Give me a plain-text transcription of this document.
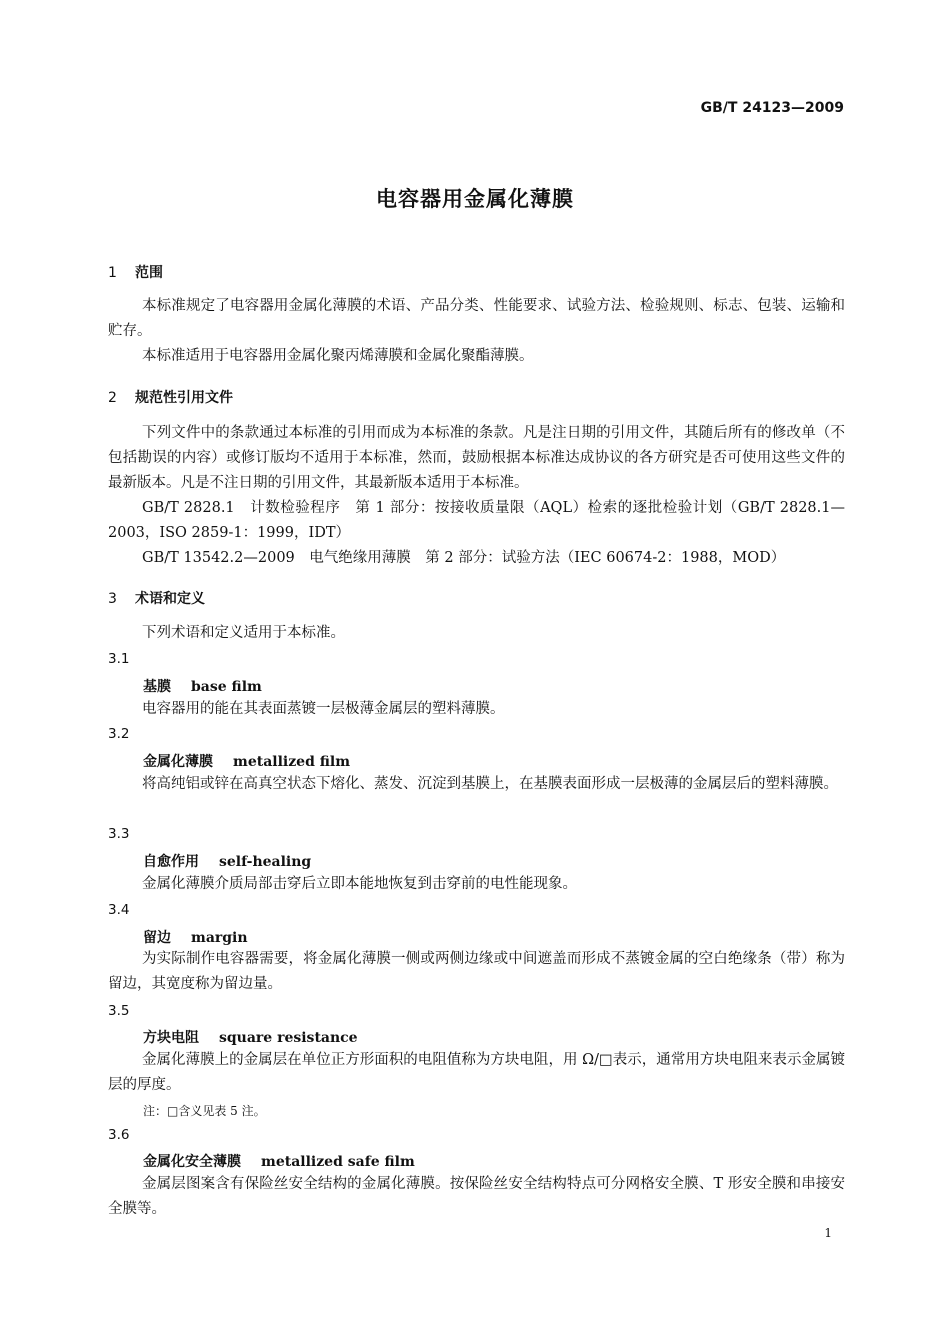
GB/T 24123—2009
电容器用金属化薄膜
1 范围
本标准规定了电容器用金属化薄膜的术语、产品分类、性能要求、试验方法、检验规则、标志、包装、运输和贮存。
本标准适用于电容器用金属化聚丙烯薄膜和金属化聚酯薄膜。
2 规范性引用文件
下列文件中的条款通过本标准的引用而成为本标准的条款。凡是注日期的引用文件，其随后所有的修改单（不包括勘误的内容）或修订版均不适用于本标准，然而，鼓励根据本标准达成协议的各方研究是否可使用这些文件的最新版本。凡是不注日期的引用文件，其最新版本适用于本标准。
GB/T 2828.1　计数检验程序　第 1 部分：按接收质量限（AQL）检索的逐批检验计划（GB/T 2828.1—2003，ISO 2859-1：1999，IDT）
GB/T 13542.2—2009　电气绝缘用薄膜　第 2 部分：试验方法（IEC 60674-2：1988，MOD）
3 术语和定义
下列术语和定义适用于本标准。
3.1
基膜 base film
电容器用的能在其表面蒸镀一层极薄金属层的塑料薄膜。
3.2
金属化薄膜 metallized film
将高纯铝或锌在高真空状态下熔化、蒸发、沉淀到基膜上，在基膜表面形成一层极薄的金属层后的塑料薄膜。
3.3
自愈作用 self-healing
金属化薄膜介质局部击穿后立即本能地恢复到击穿前的电性能现象。
3.4
留边 margin
为实际制作电容器需要，将金属化薄膜一侧或两侧边缘或中间遮盖而形成不蒸镀金属的空白绝缘条（带）称为留边，其宽度称为留边量。
3.5
方块电阻 square resistance
金属化薄膜上的金属层在单位正方形面积的电阻值称为方块电阻，用 Ω/□表示，通常用方块电阻来表示金属镀层的厚度。
注：□含义见表 5 注。
3.6
金属化安全薄膜 metallized safe film
金属层图案含有保险丝安全结构的金属化薄膜。按保险丝安全结构特点可分网格安全膜、T 形安全膜和串接安全膜等。
1
